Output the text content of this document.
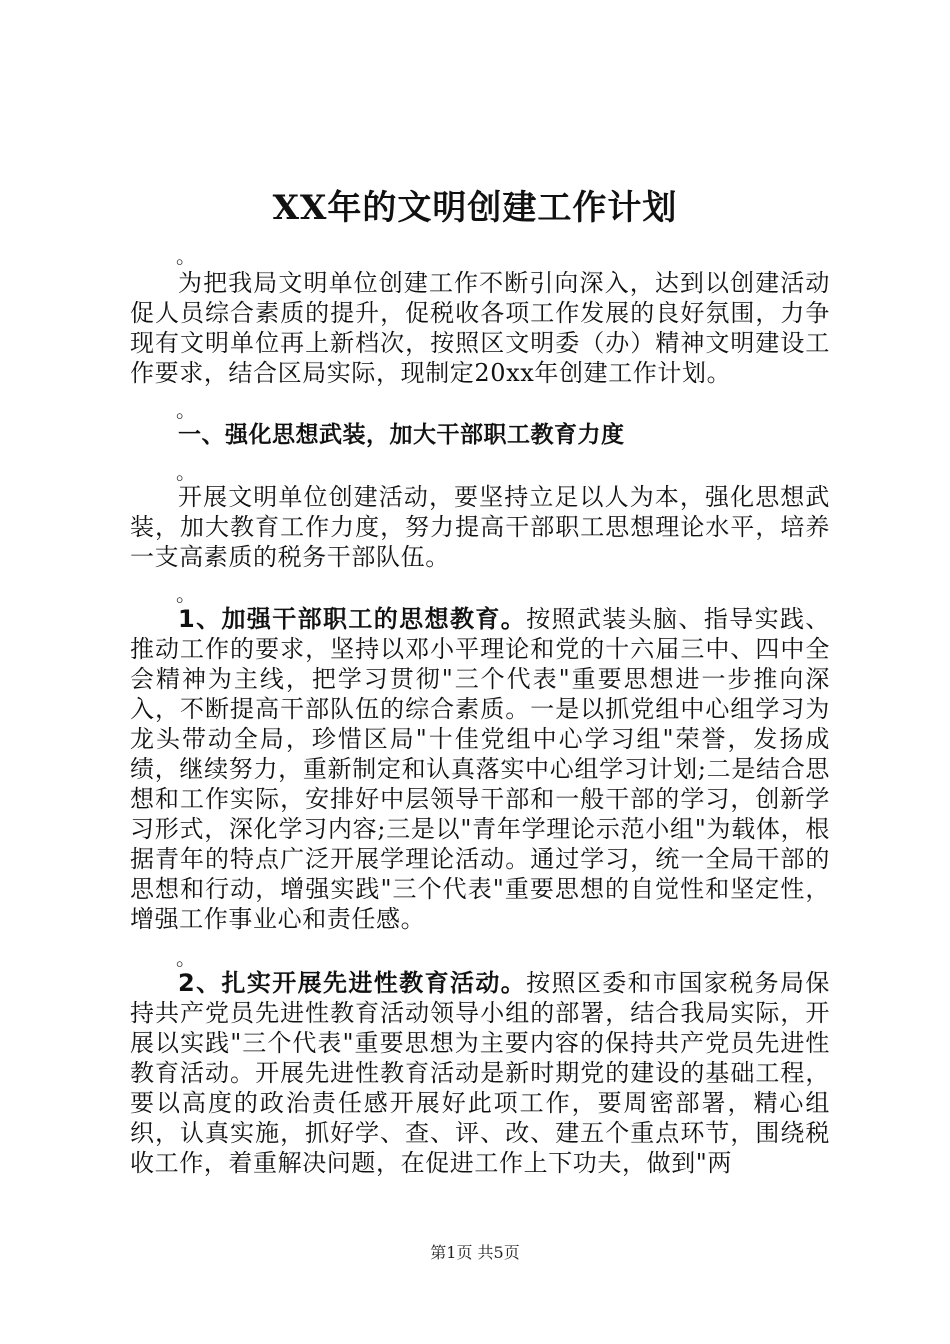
XX年的文明创建工作计划
。

为把我局文明单位创建工作不断引向深入，达到以创建活动促人员综合素质的提升，促税收各项工作发展的良好氛围，力争现有文明单位再上新档次，按照区文明委（办）精神文明建设工作要求，结合区局实际，现制定20xx年创建工作计划。

。
一、强化思想武装，加大干部职工教育力度
。

开展文明单位创建活动，要坚持立足以人为本，强化思想武装，加大教育工作力度，努力提高干部职工思想理论水平，培养一支高素质的税务干部队伍。

。

1、加强干部职工的思想教育。按照武装头脑、指导实践、推动工作的要求，坚持以邓小平理论和党的十六届三中、四中全会精神为主线，把学习贯彻"三个代表"重要思想进一步推向深入，不断提高干部队伍的综合素质。一是以抓党组中心组学习为龙头带动全局，珍惜区局"十佳党组中心学习组"荣誉，发扬成绩，继续努力，重新制定和认真落实中心组学习计划;二是结合思想和工作实际，安排好中层领导干部和一般干部的学习，创新学习形式，深化学习内容;三是以"青年学理论示范小组"为载体，根据青年的特点广泛开展学理论活动。通过学习，统一全局干部的思想和行动，增强实践"三个代表"重要思想的自觉性和坚定性，增强工作事业心和责任感。

。

2、扎实开展先进性教育活动。按照区委和市国家税务局保持共产党员先进性教育活动领导小组的部署，结合我局实际，开展以实践"三个代表"重要思想为主要内容的保持共产党员先进性教育活动。开展先进性教育活动是新时期党的建设的基础工程，要以高度的政治责任感开展好此项工作，要周密部署，精心组织，认真实施，抓好学、查、评、改、建五个重点环节，围绕税收工作，着重解决问题，在促进工作上下功夫，做到"两

第1页 共5页
